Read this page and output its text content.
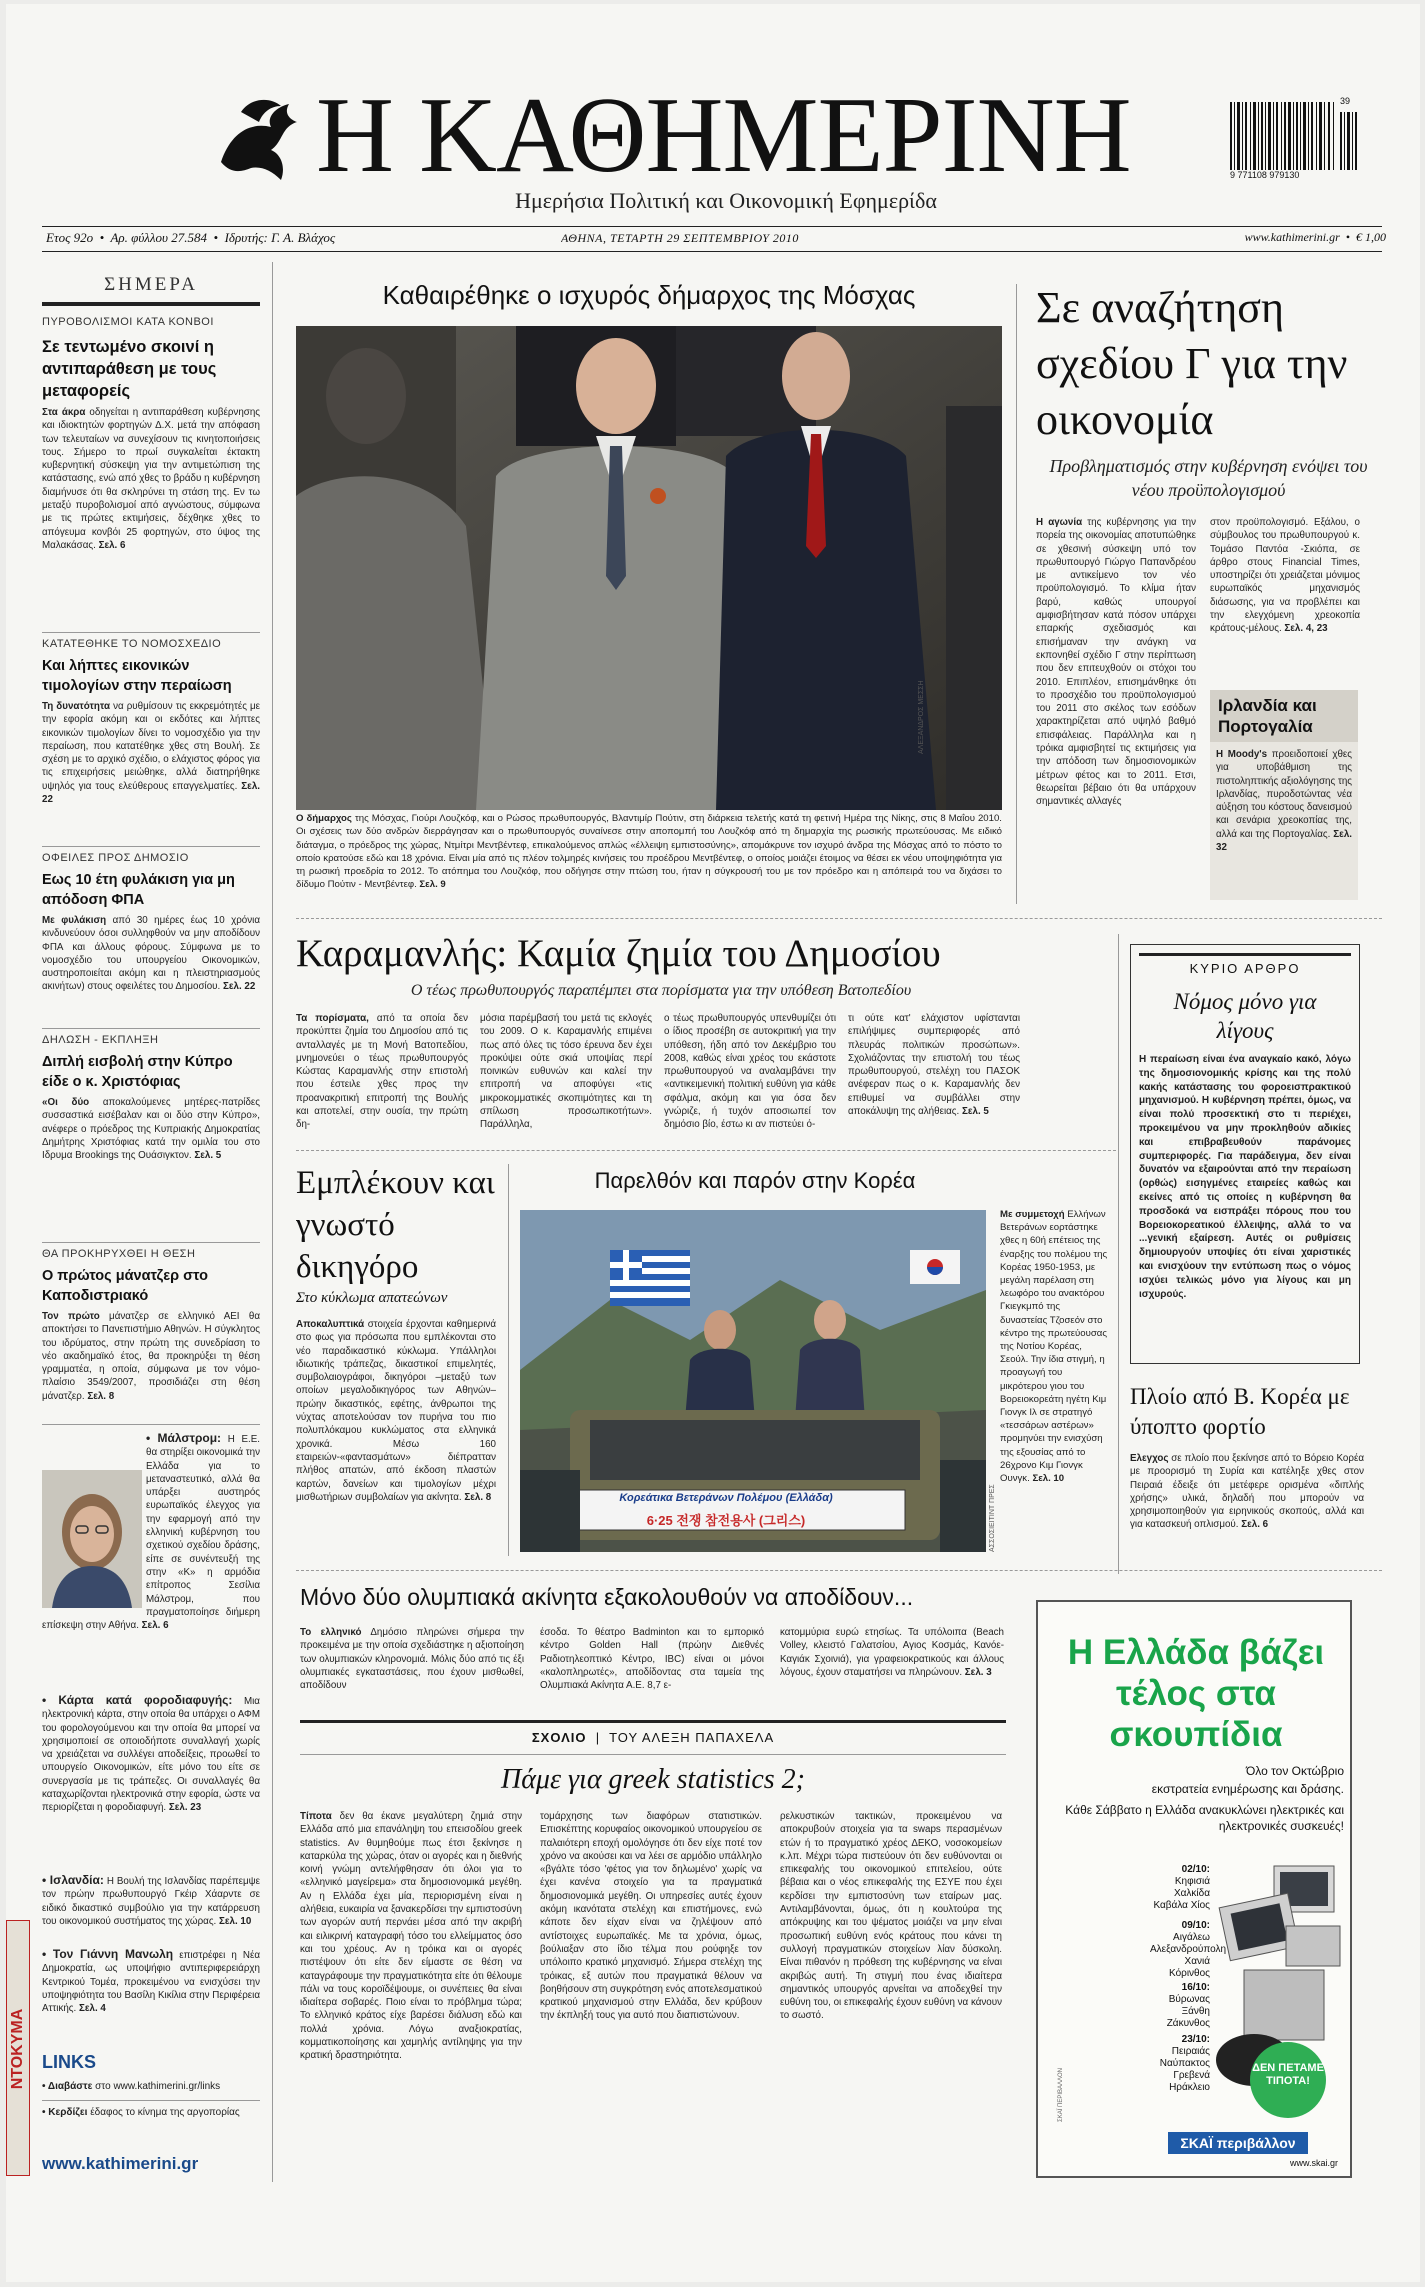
Η ΚΑΘΗΜΕΡΙΝΗ
Ημερήσια Πολιτική και Οικονομική Εφημερίδα
39
9 771108 979130
Ετος 92ο  •  Αρ. φύλλου 27.584  •  Ιδρυτής: Γ. Α. Βλάχος	ΑΘΗΝΑ, ΤΕΤΑΡΤΗ 29 ΣΕΠΤΕΜΒΡΙΟΥ 2010	www.kathimerini.gr  •  € 1,00
ΣΗΜΕΡΑ
ΠΥΡΟΒΟΛΙΣΜΟΙ ΚΑΤΑ ΚΟΝΒΟΙ
Σε τεντωμένο σκοινί η αντιπαράθεση με τους μεταφορείς
Στα άκρα οδηγείται η αντιπαράθεση κυβέρνησης και ιδιοκτητών φορτηγών Δ.Χ. μετά την απόφαση των τελευταίων να συνεχίσουν τις κινητοποιήσεις τους. Σήμερο το πρωί συγκαλείται έκτακτη κυβερνητική σύσκεψη για την αντιμετώπιση της κατάστασης, ενώ από χθες το βράδυ η κυβέρνηση διαμήνυσε ότι θα σκληρύνει τη στάση της. Εν τω μεταξύ πυροβολισμοί από αγνώστους, σύμφωνα με τις πρώτες εκτιμήσεις, δέχθηκε χθες το απόγευμα κονβόι 25 φορτηγών, στο ύψος της Μαλακάσας. Σελ. 6
ΚΑΤΑΤΕΘΗΚΕ ΤΟ ΝΟΜΟΣΧΕΔΙΟ
Και λήπτες εικονικών τιμολογίων στην περαίωση
Τη δυνατότητα να ρυθμίσουν τις εκκρεμότητές με την εφορία ακόμη και οι εκδότες και λήπτες εικονικών τιμολογίων δίνει το νομοσχέδιο για την περαίωση, που κατατέθηκε χθες στη Βουλή. Σε σχέση με το αρχικό σχέδιο, ο ελάχιστος φόρος για τις επιχειρήσεις μειώθηκε, αλλά διατηρήθηκε υψηλός για τους ελεύθερους επαγγελματίες. Σελ. 22
ΟΦΕΙΛΕΣ ΠΡΟΣ ΔΗΜΟΣΙΟ
Εως 10 έτη φυλάκιση για μη απόδοση ΦΠΑ
Με φυλάκιση από 30 ημέρες έως 10 χρόνια κινδυνεύουν όσοι συλληφθούν να μην αποδίδουν ΦΠΑ και άλλους φόρους. Σύμφωνα με το νομοσχέδιο του υπουργείου Οικονομικών, αυστηροποιείται ακόμη και η πλειστηριασμούς ακινήτων) στους οφειλέτες του Δημοσίου. Σελ. 22
ΔΗΛΩΣΗ - ΕΚΠΛΗΞΗ
Διπλή εισβολή στην Κύπρο είδε ο κ. Χριστόφιας
«Οι δύο αποκαλούμενες μητέρες-πατρίδες συσσαστικά εισέβαλαν και οι δύο στην Κύπρο», ανέφερε ο πρόεδρος της Κυπριακής Δημοκρατίας Δημήτρης Χριστόφιας κατά την ομιλία του στο Ιδρυμα Brookings της Ουάσιγκτον. Σελ. 5
ΘΑ ΠΡΟΚΗΡΥΧΘΕΙ Η ΘΕΣΗ
Ο πρώτος μάνατζερ στο Καποδιστριακό
Τον πρώτο μάνατζερ σε ελληνικό ΑΕΙ θα αποκτήσει το Πανεπιστήμιο Αθηνών. Η σύγκλητος του ιδρύματος, στην πρώτη της συνεδρίαση το νέο ακαδημαϊκό έτος, θα προκηρύξει τη θέση γραμματέα, η οποία, σύμφωνα με τον νόμο-πλαίσιο 3549/2007, προσιδιάζει στη θέση μάνατζερ. Σελ. 8
• Μάλστρομ: Η Ε.Ε. θα στηρίξει οικονομικά την Ελλάδα για το μεταναστευτικό, αλλά θα υπάρξει αυστηρός ευρωπαϊκός έλεγχος για την εφαρμογή από την ελληνική κυβέρνηση του σχετικού σχεδίου δράσης, είπε σε συνέντευξή της στην «Κ» η αρμόδια επίτροπος Σεσίλια Μάλστρομ, που πραγματοποίησε διήμερη επίσκεψη στην Αθήνα. Σελ. 6
• Κάρτα κατά φοροδιαφυγής: Μια ηλεκτρονική κάρτα, στην οποία θα υπάρχει ο ΑΦΜ του φορολογούμενου και την οποία θα μπορεί να χρησιμοποιεί σε οποιοδήποτε συναλλαγή χωρίς να χρειάζεται να συλλέγει αποδείξεις, προωθεί το υπουργείο Οικονομικών, είτε μόνο του είτε σε συνεργασία με τις τράπεζες. Οι συναλλαγές θα καταχωρίζονται ηλεκτρονικά στην εφορία, ώστε να περιορίζεται η φοροδιαφυγή. Σελ. 23
• Ισλανδία: Η Βουλή της Ισλανδίας παρέπεμψε τον πρώην πρωθυπουργό Γκέιρ Χάαρντε σε ειδικό δικαστικό συμβούλιο για την κατάρρευση του οικονομικού συστήματος της χώρας. Σελ. 10
• Τον Γιάννη Μανωλη επιστρέφει η Νέα Δημοκρατία, ως υποψήφιο αντιπεριφερειάρχη Κεντρικού Τομέα, προκειμένου να ενισχύσει την υποψηφιότητα του Βασίλη Κικίλια στην Περιφέρεια Αττικής. Σελ. 4
LINKS
• Διαβάστε στο www.kathimerini.gr/links
• Κερδίζει έδαφος το κίνημα της αργοπορίας
www.kathimerini.gr
ΝΤΟΚΥΜΑ
Καθαιρέθηκε ο ισχυρός δήμαρχος της Μόσχας
ΑΛΕΞΑΝΔΡΟΣ ΜΕΣΣΗ
Ο δήμαρχος της Μόσχας, Γιούρι Λουζκόφ, και ο Ρώσος πρωθυπουργός, Βλαντιμίρ Πούτιν, στη διάρκεια τελετής κατά τη φετινή Ημέρα της Νίκης, στις 8 Μαΐου 2010. Οι σχέσεις των δύο ανδρών διερράγησαν και ο πρωθυπουργός συναίνεσε στην αποπομπή του Λουζκόφ από τη δημαρχία της ρωσικής πρωτεύουσας. Με ειδικό διάταγμα, ο πρόεδρος της χώρας, Ντμίτρι Μεντβέντεφ, επικαλούμενος απλώς «έλλειψη εμπιστοσύνης», απομάκρυνε τον ισχυρό άνδρα της Μόσχας από το πόστο το οποίο κρατούσε εδώ και 18 χρόνια. Είναι μία από τις πλέον τολμηρές κινήσεις του προέδρου Μεντβέντεφ, ο οποίος μοιάζει έτοιμος να θέσει εκ νέου υποψηφιότητα για τη ρωσική προεδρία το 2012. Το ατόπημα του Λουζκόφ, που οδήγησε στην πτώση του, ήταν η σύγκρουσή του με τον πρόεδρο και η απόπειρά του να διχάσει το δίδυμο Πούτιν - Μεντβέντεφ. Σελ. 9
Σε αναζήτηση σχεδίου Γ για την οικονομία
Προβληματισμός στην κυβέρνηση ενόψει του νέου προϋπολογισμού
Η αγωνία της κυβέρνησης για την πορεία της οικονομίας αποτυπώθηκε σε χθεσινή σύσκεψη υπό τον πρωθυπουργό Γιώργο Παπανδρέου με αντικείμενο τον νέο προϋπολογισμό. Το κλίμα ήταν βαρύ, καθώς υπουργοί αμφισβήτησαν κατά πόσον υπάρχει επαρκής σχεδιασμός και επισήμαναν την ανάγκη να εκπονηθεί σχέδιο Γ στην περίπτωση που δεν επιτευχθούν οι στόχοι του 2010. Επιπλέον, επισημάνθηκε ότι το προσχέδιο του προϋπολογισμού του 2011 στο σκέλος των εσόδων χαρακτηρίζεται από υψηλό βαθμό επισφάλειας. Παράλληλα και η τρόικα αμφισβητεί τις εκτιμήσεις για την απόδοση των δημοσιονομικών μέτρων φέτος και το 2011. Ετσι, θεωρείται βέβαιο ότι θα υπάρχουν σημαντικές αλλαγές
στον προϋπολογισμό. Εξάλου, ο σύμβουλος του πρωθυπουργού κ. Τομάσο Παντόα -Σκιόπα, σε άρθρο στους Financial Times, υποστηρίζει ότι χρειάζεται μόνιμος ευρωπαϊκός μηχανισμός διάσωσης, για να προβλέπει και την ελεγχόμενη χρεοκοπία κράτους-μέλους. Σελ. 4, 23
Ιρλανδία και Πορτογαλία
Η Moody's προειδοποιεί χθες για υποβάθμιση της πιστοληπτικής αξιολόγησης της Ιρλανδίας, πυροδοτώντας νέα αύξηση του κόστους δανεισμού και σενάρια χρεοκοπίας της, αλλά και της Πορτογαλίας. Σελ. 32
Καραμανλής: Καμία ζημία του Δημοσίου
Ο τέως πρωθυπουργός παραπέμπει στα πορίσματα για την υπόθεση Βατοπεδίου
Τα πορίσματα, από τα οποία δεν προκύπτει ζημία του Δημοσίου από τις ανταλλαγές με τη Μονή Βατοπεδίου, μνημονεύει ο τέως πρωθυπουργός Κώστας Καραμανλής στην επιστολή που έστειλε χθες προς την προανακριτική επιτροπή της Βουλής και αποτελεί, στην ουσία, την πρώτη δη-
μόσια παρέμβασή του μετά τις εκλογές του 2009. Ο κ. Καραμανλής επιμένει πως από όλες τις τόσο έρευνα δεν έχει προκύψει ούτε σκιά υποψίας περί ποινικών ευθυνών και καλεί την επιτροπή να αποφύγει «τις μικροκομματικές σκοπιμότητες και τη σπίλωση προσωπικοτήτων». Παράλληλα,
ο τέως πρωθυπουργός υπενθυμίζει ότι ο ίδιος προσέβη σε αυτοκριτική για την υπόθεση, ήδη από τον Δεκέμβριο του 2008, καθώς είναι χρέος του εκάστοτε πρωθυπουργού να αναλαμβάνει την «αντικειμενική πολιτική ευθύνη για κάθε σφάλμα, ακόμη και για όσα δεν γνώριζε, ή τυχόν αποσιωπεί τον δημόσιο βίο, έστω κι αν πιστεύει ό-
τι ούτε κατ' ελάχιστον υφίστανται επιλήψιμες συμπεριφορές από πλευράς πολιτικών προσώπων». Σχολιάζοντας την επιστολή του τέως πρωθυπουργού, στελέχη του ΠΑΣΟΚ ανέφεραν πως ο κ. Καραμανλής δεν επιθυμεί να συμβάλλει στην αποκάλυψη της αλήθειας. Σελ. 5
ΚΥΡΙΟ ΑΡΘΡΟ
Νόμος μόνο για λίγους
Η περαίωση είναι ένα αναγκαίο κακό, λόγω της δημοσιονομικής κρίσης και της πολύ κακής κατάστασης του φοροεισπρακτικού μηχανισμού. Η κυβέρνηση πρέπει, όμως, να είναι πολύ προσεκτική στο τι περιέχει, προκειμένου να μην προκληθούν αδικίες και επιβραβευθούν παράνομες συμπεριφορές. Για παράδειγμα, δεν είναι δυνατόν να εξαιρούνται από την περαίωση (ορθώς) εισηγμένες εταιρείες καθώς και εκείνες από τις οποίες η κυβέρνηση θα προσδοκά να εισπράξει πόρους που του Βορειοκορεατικού έλλειψης, αλλά το να ...γενική εξαίρεση. Αυτές οι ρυθμίσεις δημιουργούν υποψίες ότι είναι χαριστικές και ενισχύουν την εντύπωση πως ο νόμος ισχύει τελικώς μόνο για λίγους και μη ισχυρούς.
Πλοίο από Β. Κορέα με ύποπτο φορτίο
Ελεγχος σε πλοίο που ξεκίνησε από το Βόρειο Κορέα με προορισμό τη Συρία και κατέληξε χθες στον Πειραιά έδειξε ότι μετέφερε ορισμένα «διπλής χρήσης» υλικά, δηλαδή που μπορούν να χρησιμοποιηθούν για ειρηνικούς σκοπούς, αλλά και για κατασκευή οπλισμού. Σελ. 6
Εμπλέκουν και γνωστό δικηγόρο
Στο κύκλωμα απατεώνων
Αποκαλυπτικά στοιχεία έρχονται καθημερινά στο φως για πρόσωπα που εμπλέκονται στο νέο παραδικαστικό κύκλωμα. Υπάλληλοι ιδιωτικής τράπεζας, δικαστικοί επιμελητές, συμβολαιογράφοι, δικηγόροι –μεταξύ των οποίων μεγαλοδικηγόρος των Αθηνών– πρώην δικαστικός, εφέτης, άνθρωποι της νύχτας αποτελούσαν τον πυρήνα του πιο πολυπλόκαμου κυκλώματος στα ελληνικά χρονικά. Μέσω 160 εταιρειών-«φαντασμάτων» διέπρατταν πλήθος απατών, από έκδοση πλαστών καρτών, δανείων και τιμολογίων μέχρι μισθωτήριων συμβολαίων για ακίνητα. Σελ. 8
Παρελθόν και παρόν στην Κορέα
Κορεάτικα Βετεράνων Πολέμου (Ελλάδα)
6·25 전쟁 참전용사 (그리스)	ΑΣΣΟΣΙΕΪΤΙΝΤ ΠΡΕΣ
Με συμμετοχή Ελλήνων Βετεράνων εορτάστηκε χθες η 60ή επέτειος της έναρξης του πολέμου της Κορέας 1950-1953, με μεγάλη παρέλαση στη λεωφόρο του ανακτόρου Γκιεγκμπό της δυναστείας Τζοσεόν στο κέντρο της πρωτεύουσας της Νοτίου Κορέας, Σεούλ. Την ίδια στιγμή, η προαγωγή του μικρότερου γιου του Βορειοκορεάτη ηγέτη Κιμ Γιονγκ Ιλ σε στρατηγό «τεσσάρων αστέρων» προμηνύει την ενισχύση της εξουσίας από το 26χρονο Κιμ Γιονγκ Ουνγκ. Σελ. 10
Μόνο δύο ολυμπιακά ακίνητα εξακολουθούν να αποδίδουν...
Το ελληνικό Δημόσιο πληρώνει σήμερα την προκειμένα με την οποία σχεδιάστηκε η αξιοποίηση των ολυμπιακών κληρονομιά. Μόλις δύο από τις έξι ολυμπιακές εγκαταστάσεις, που έχουν μισθωθεί, αποδίδουν
έσοδα. Το θέατρο Badminton και το εμπορικό κέντρο Golden Hall (πρώην Διεθνές Ραδιοτηλεοπτικό Κέντρο, IBC) είναι οι μόνοι «καλοπληρωτές», αποδίδοντας στα ταμεία της Ολυμπιακά Ακίνητα Α.Ε. 8,7 ε-
κατομμύρια ευρώ ετησίως. Τα υπόλοιπα (Beach Volley, κλειστό Γαλατσίου, Αγιος Κοσμάς, Κανόε-Καγιάκ Σχοινιά), για γραφειοκρατικούς και άλλους λόγους, έχουν σταματήσει να πληρώνουν. Σελ. 3
ΣΧΟΛΙΟ  |  ΤΟΥ ΑΛΕΞΗ ΠΑΠΑΧΕΛΑ
Πάμε για greek statistics 2;
Τίποτα δεν θα έκανε μεγαλύτερη ζημιά στην Ελλάδα από μια επανάληψη του επεισοδίου greek statistics. Αν θυμηθούμε πως έτσι ξεκίνησε η καταρκύλα της χώρας, όταν οι αγορές και η διεθνής κοινή γνώμη αντελήφθησαν ότι όλοι για το «ελληνικό μαγείρεμα» στα δημοσιονομικά μεγέθη. Αν η Ελλάδα έχει μία, περιορισμένη είναι η αλήθεια, ευκαιρία να ξανακερδίσει την εμπιστοσύνη των αγορών αυτή περνάει μέσα από την ακριβή και ειλικρινή καταγραφή τόσο του ελλείμματος όσο και του χρέους. Αν η τρόικα και οι αγορές πιστέψουν ότι είτε δεν είμαστε σε θέση να καταγράφουμε την πραγματικότητα είτε ότι θέλουμε πάλι να τους κοροϊδέψουμε, οι συνέπειες θα είναι ιδιαίτερα σοβαρές. Ποιο είναι το πρόβλημα τώρα; Το ελληνικό κράτος είχε βαρέσει διάλυση εδώ και πολλά χρόνια. Λόγω αναξιοκρατίας, κομματικοποίησης και χαμηλής αντίληψης για την κρατική δραστηριότητα.
τομάρχησης των διαφόρων στατιστικών. Επισκέπτης κορυφαίος οικονομικού υπουργείου σε παλαιότερη εποχή ομολόγησε ότι δεν είχε ποτέ τον χρόνο να ακούσει και να λέει σε αρμόδιο υπάλληλο «βγάλτε τόσο 'φέτος για τον δηλωμένο' χωρίς να έχει κανένα στοιχείο για τα πραγματικά δημοσιονομικά μεγέθη. Οι υπηρεσίες αυτές έχουν ακόμη ικανότατα στελέχη και επιστήμονες, ενώ κάποτε δεν είχαν είναι να ζηλέψουν από αντίστοιχες ευρωπαϊκές. Με τα χρόνια, όμως, βούλιαξαν στο ίδιο τέλμα που ρούφηξε τον υπόλοιπο κρατικό μηχανισμό. Σήμερα στελέχη της τρόικας, εξ αυτών που πραγματικά θέλουν να βοηθήσουν στη συγκρότηση ενός αποτελεσματικού κρατικού μηχανισμού στην Ελλάδα, δεν κρύβουν την έκπληξή τους για αυτό που διαπιστώνουν.
ρελκυστικών τακτικών, προκειμένου να αποκρυβούν στοιχεία για τα swaps περασμένων ετών ή το πραγματικό χρέος ΔΕΚΟ, νοσοκομείων κ.λπ. Μέχρι τώρα πιστεύουν ότι δεν ευθύνονται οι επικεφαλής του οικονομικού επιτελείου, ούτε βέβαια και ο νέος επικεφαλής της ΕΣΥΕ που έχει κερδίσει την εμπιστοσύνη των εταίρων μας. Αντιλαμβάνονται, όμως, ότι η κουλτούρα της απόκρυψης και του ψέματος μοιάζει να μην είναι προσωπική ευθύνη ενός κράτους που κάνει τη συλλογή πραγματικών στοιχείων λίαν δύσκολη. Είναι πιθανόν η πρόθεση της κυβέρνησης να είναι ακριβώς αυτή. Τη στιγμή που ένας ιδιαίτερα σημαντικός υπουργός αρνείται να αποδεχθεί την ευθύνη του, οι επικεφαλής έχουν ευθύνη να κάνουν το σωστό.
Η Ελλάδα βάζει τέλος στα σκουπίδια
Όλο τον Οκτώβριο
εκστρατεία ενημέρωσης και δράσης.
Κάθε Σάββατο η Ελλάδα ανακυκλώνει ηλεκτρικές και ηλεκτρονικές συσκευές!
02/10:
Κηφισιά Χαλκίδα Καβάλα Χίος
09/10:
Αιγάλεω Αλεξανδρούπολη Χανιά Κόρινθος
16/10:
Βύρωνας Ξάνθη Ζάκυνθος
23/10:
Πειραιάς Ναύπακτος Γρεβενά Ηράκλειο
ΔΕΝ ΠΕΤΑΜΕ ΤΙΠΟΤΑ!
ΣΚΑΪ περιβάλλον
www.skai.gr
ΣΚΑΪ ΠΕΡΙΒΑΛΛΟΝ
